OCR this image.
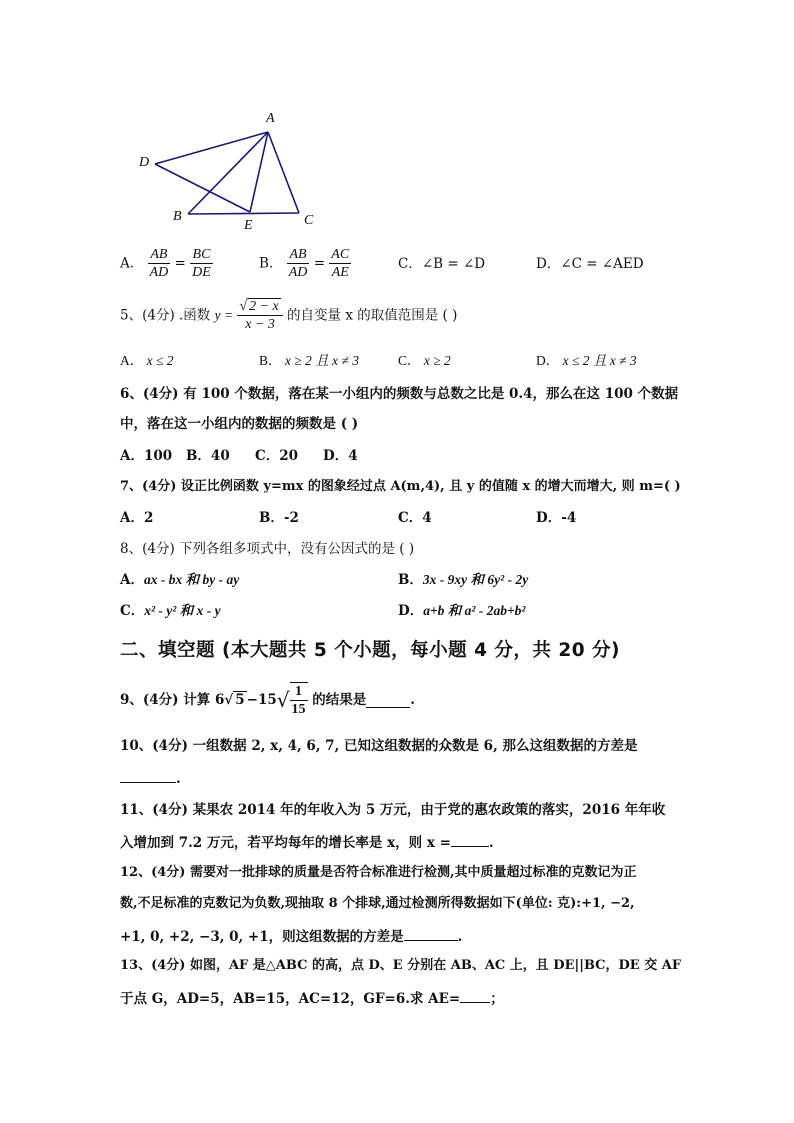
A
D
B
E	C
A． $\frac{AB}{AD} = \frac{BC}{DE}$	B． $\frac{AB}{AD} = \frac{AC}{AE}$	C．∠B = ∠D	D．∠C = ∠AED
5、(4分) .函数 $y = \frac{√ 2 - x}{x - 3}$ 的自变量 x 的取值范围是 ( )
A． x ≤ 2	B． x ≥ 2 且 x ≠ 3	C． x ≥ 2	D． x ≤ 2 且 x ≠ 3
6、(4分) 有 100 个数据，落在某一小组内的频数与总数之比是 0.4，那么在这 100 个数据
中，落在这一小组内的数据的频数是 ( )
A．100 B．40 C．20 D．4
7、(4分) 设正比例函数 y=mx 的图象经过点 A(m,4), 且 y 的值随 x 的增大而增大, 则 m=( )
A．2	B．-2	C．4	D．-4
8、(4分) 下列各组多项式中，没有公因式的是 ( )
A．ax - bx 和 by - ay	B．3x - 9xy 和 6y² - 2y
C．x² - y² 和 x - y	D．a+b 和 a² - 2ab+b²
二、填空题 (本大题共 5 个小题，每小题 4 分，共 20 分)
9、(4分) 计算 6√ $5 -15√ \frac{1}{15}$ 的结果是	.
10、(4分) 一组数据 2, x, 4, 6, 7, 已知这组数据的众数是 6, 那么这组数据的方差是
.
11、(4分) 某果农 2014 年的年收入为 5 万元，由于党的惠农政策的落实，2016 年年收
入增加到 7.2 万元，若平均每年的增长率是 x，则 x =	.
12、(4分) 需要对一批排球的质量是否符合标准进行检测,其中质量超过标准的克数记为正
数,不足标准的克数记为负数,现抽取 8 个排球,通过检测所得数据如下(单位: 克):+1, −2,
+1, 0, +2, −3, 0, +1，则这组数据的方差是	.
13、(4分) 如图，AF 是△ABC 的高，点 D、E 分别在 AB、AC 上，且 DE||BC，DE 交 AF
于点 G，AD=5，AB=15，AC=12，GF=6.求 AE= ；
